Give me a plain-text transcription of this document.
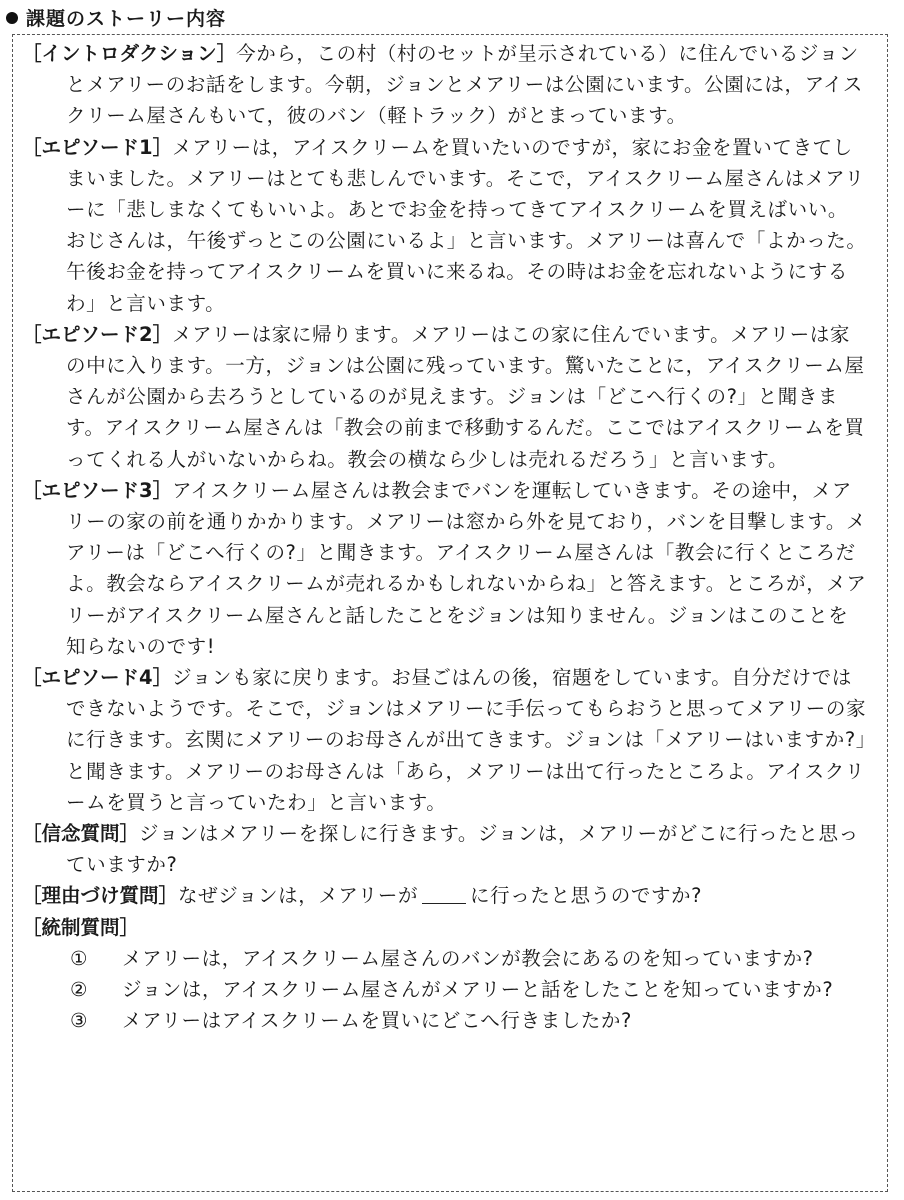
課題のストーリー内容

［イントロダクション］今から，この村（村のセットが呈示されている）に住んでいるジョンとメアリーのお話をします。今朝，ジョンとメアリーは公園にいます。公園には，アイスクリーム屋さんもいて，彼のバン（軽トラック）がとまっています。

［エピソード1］メアリーは，アイスクリームを買いたいのですが，家にお金を置いてきてしまいました。メアリーはとても悲しんでいます。そこで，アイスクリーム屋さんはメアリーに「悲しまなくてもいいよ。あとでお金を持ってきてアイスクリームを買えばいい。おじさんは，午後ずっとこの公園にいるよ」と言います。メアリーは喜んで「よかった。午後お金を持ってアイスクリームを買いに来るね。その時はお金を忘れないようにするわ」と言います。

［エピソード2］メアリーは家に帰ります。メアリーはこの家に住んでいます。メアリーは家の中に入ります。一方，ジョンは公園に残っています。驚いたことに，アイスクリーム屋さんが公園から去ろうとしているのが見えます。ジョンは「どこへ行くの?」と聞きます。アイスクリーム屋さんは「教会の前まで移動するんだ。ここではアイスクリームを買ってくれる人がいないからね。教会の横なら少しは売れるだろう」と言います。

［エピソード3］アイスクリーム屋さんは教会までバンを運転していきます。その途中，メアリーの家の前を通りかかります。メアリーは窓から外を見ており，バンを目撃します。メアリーは「どこへ行くの?」と聞きます。アイスクリーム屋さんは「教会に行くところだよ。教会ならアイスクリームが売れるかもしれないからね」と答えます。ところが，メアリーがアイスクリーム屋さんと話したことをジョンは知りません。ジョンはこのことを知らないのです!

［エピソード4］ジョンも家に戻ります。お昼ごはんの後，宿題をしています。自分だけではできないようです。そこで，ジョンはメアリーに手伝ってもらおうと思ってメアリーの家に行きます。玄関にメアリーのお母さんが出てきます。ジョンは「メアリーはいますか?」と聞きます。メアリーのお母さんは「あら，メアリーは出て行ったところよ。アイスクリームを買うと言っていたわ」と言います。

［信念質問］ジョンはメアリーを探しに行きます。ジョンは，メアリーがどこに行ったと思っていますか?

［理由づけ質問］なぜジョンは，メアリーが	に行ったと思うのですか?

［統制質問］

① メアリーは，アイスクリーム屋さんのバンが教会にあるのを知っていますか?
② ジョンは，アイスクリーム屋さんがメアリーと話をしたことを知っていますか?
③ メアリーはアイスクリームを買いにどこへ行きましたか?
